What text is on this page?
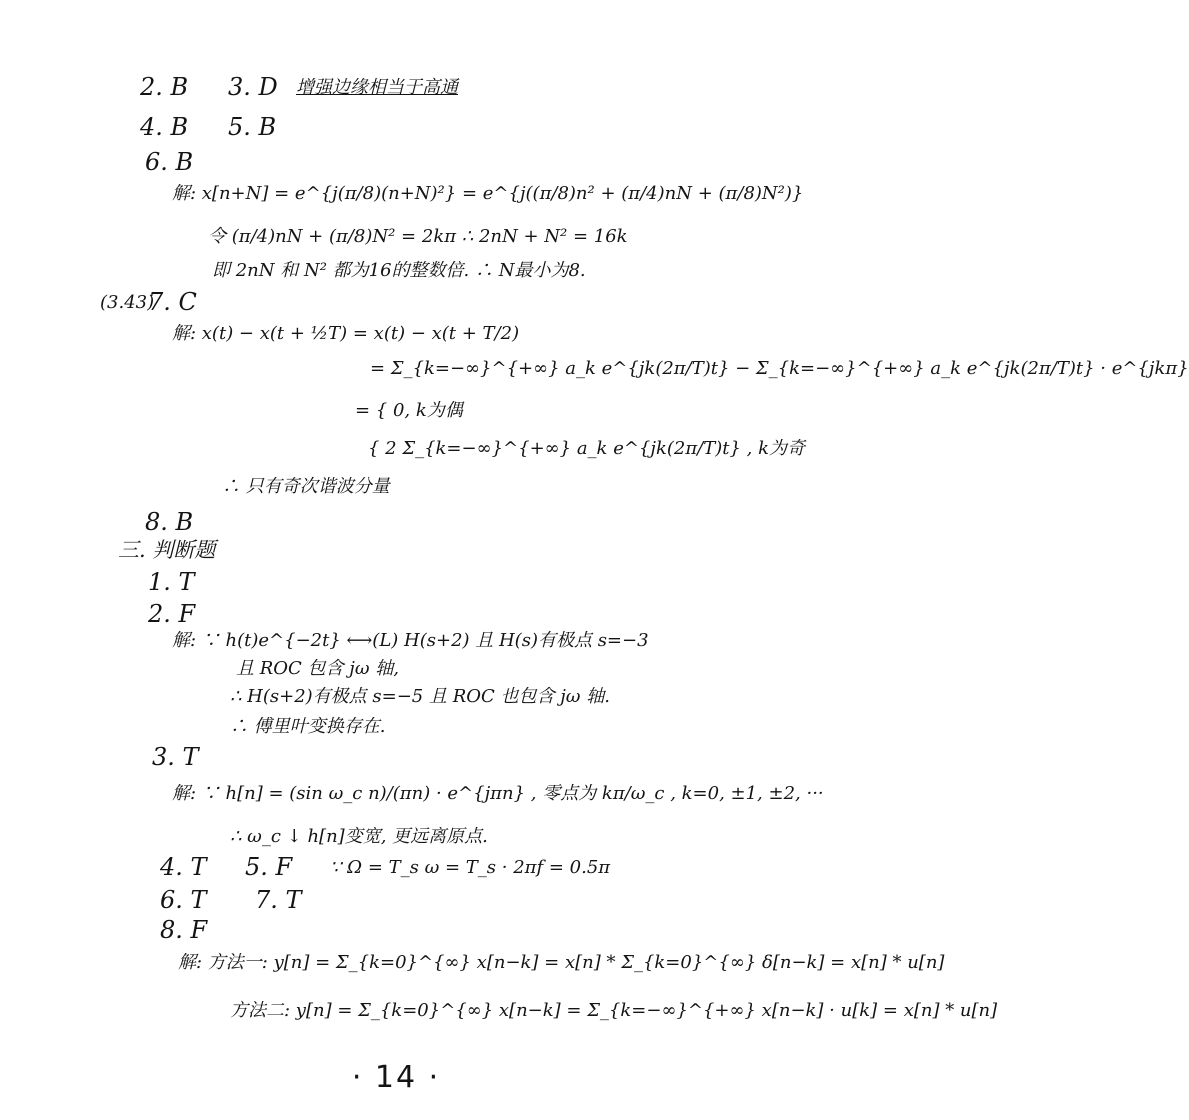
2. B 3. D 增强边缘相当于高通
4. B 5. B
6. B
解: x[n+N] = e^{j(π/8)(n+N)²} = e^{j((π/8)n² + (π/4)nN + (π/8)N²)}
令 (π/4)nN + (π/8)N² = 2kπ ∴ 2nN + N² = 16k
即 2nN 和 N² 都为16的整数倍. ∴ N最小为8.
(3.43)
7. C
解: x(t) − x(t + ½T) = x(t) − x(t + T/2)
= Σ_{k=−∞}^{+∞} a_k e^{jk(2π/T)t} − Σ_{k=−∞}^{+∞} a_k e^{jk(2π/T)t} · e^{jkπ}
= { 0, k为偶
{ 2 Σ_{k=−∞}^{+∞} a_k e^{jk(2π/T)t} , k为奇
∴ 只有奇次谐波分量
8. B
三. 判断题
1. T
2. F
解: ∵ h(t)e^{−2t} ⟷(L) H(s+2) 且 H(s)有极点 s=−3
且 ROC 包含 jω 轴,
∴ H(s+2)有极点 s=−5 且 ROC 也包含 jω 轴.
∴ 傅里叶变换存在.
3. T
解: ∵ h[n] = (sin ω_c n)/(πn) · e^{jπn} , 零点为 kπ/ω_c , k=0, ±1, ±2, ···
∴ ω_c ↓ h[n]变宽, 更远离原点.
4. T 5. F ∵ Ω = T_s ω = T_s · 2πf = 0.5π
6. T 7. T
8. F
解: 方法一: y[n] = Σ_{k=0}^{∞} x[n−k] = x[n] * Σ_{k=0}^{∞} δ[n−k] = x[n] * u[n]
方法二: y[n] = Σ_{k=0}^{∞} x[n−k] = Σ_{k=−∞}^{+∞} x[n−k] · u[k] = x[n] * u[n]
· 14 ·
